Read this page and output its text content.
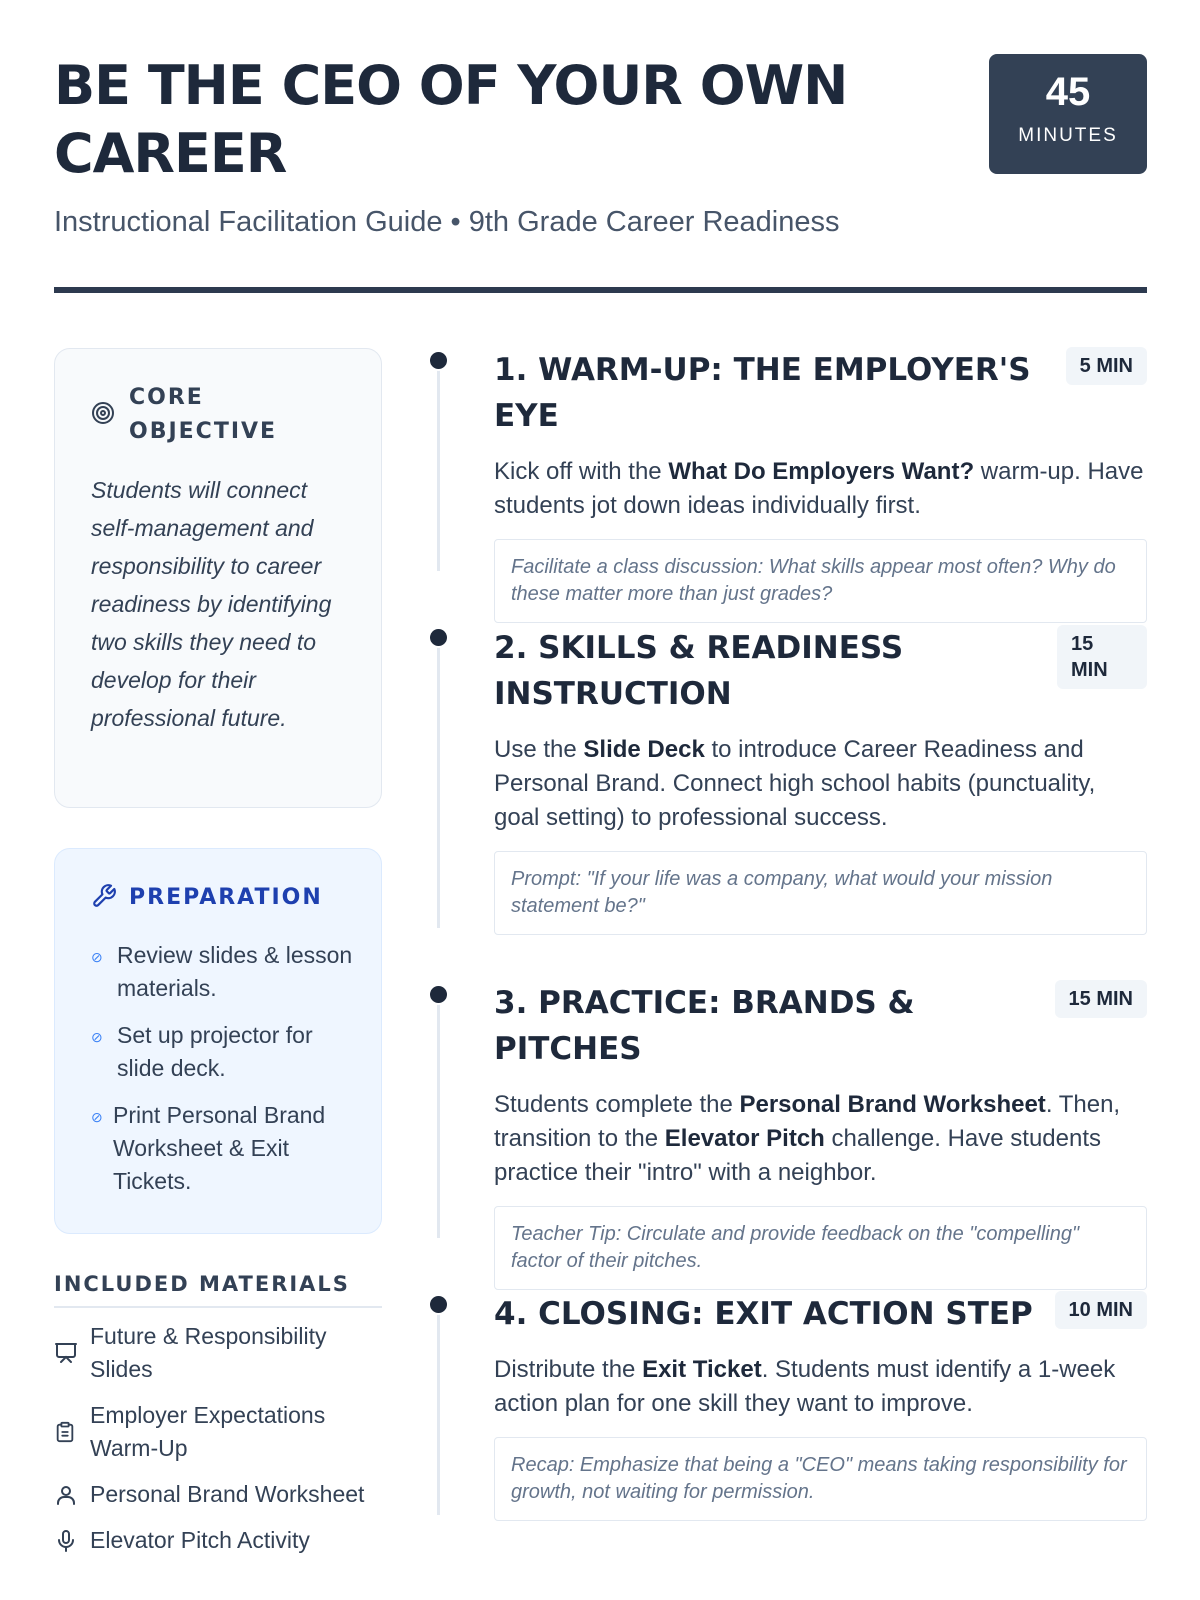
BE THE CEO OF YOUR OWN CAREER
Instructional Facilitation Guide • 9th Grade Career Readiness
45
MINUTES
CORE OBJECTIVE
Students will connect self-management and responsibility to career readiness by identifying two skills they need to develop for their professional future.
PREPARATION
⊘ Review slides & lesson materials.
⊘ Set up projector for slide deck.
⊘ Print Personal Brand Worksheet & Exit Tickets.
INCLUDED MATERIALS
Future & Responsibility Slides
Employer Expectations Warm-Up
Personal Brand Worksheet
Elevator Pitch Activity
1. WARM-UP: THE EMPLOYER'S EYE
5 MIN
Kick off with the What Do Employers Want? warm-up. Have students jot down ideas individually first.
Facilitate a class discussion: What skills appear most often? Why do these matter more than just grades?
2. SKILLS & READINESS INSTRUCTION
15 MIN
Use the Slide Deck to introduce Career Readiness and Personal Brand. Connect high school habits (punctuality, goal setting) to professional success.
Prompt: "If your life was a company, what would your mission statement be?"
3. PRACTICE: BRANDS & PITCHES
15 MIN
Students complete the Personal Brand Worksheet. Then, transition to the Elevator Pitch challenge. Have students practice their "intro" with a neighbor.
Teacher Tip: Circulate and provide feedback on the "compelling" factor of their pitches.
4. CLOSING: EXIT ACTION STEP	10 MIN
Distribute the Exit Ticket. Students must identify a 1-week action plan for one skill they want to improve.
Recap: Emphasize that being a "CEO" means taking responsibility for growth, not waiting for permission.
